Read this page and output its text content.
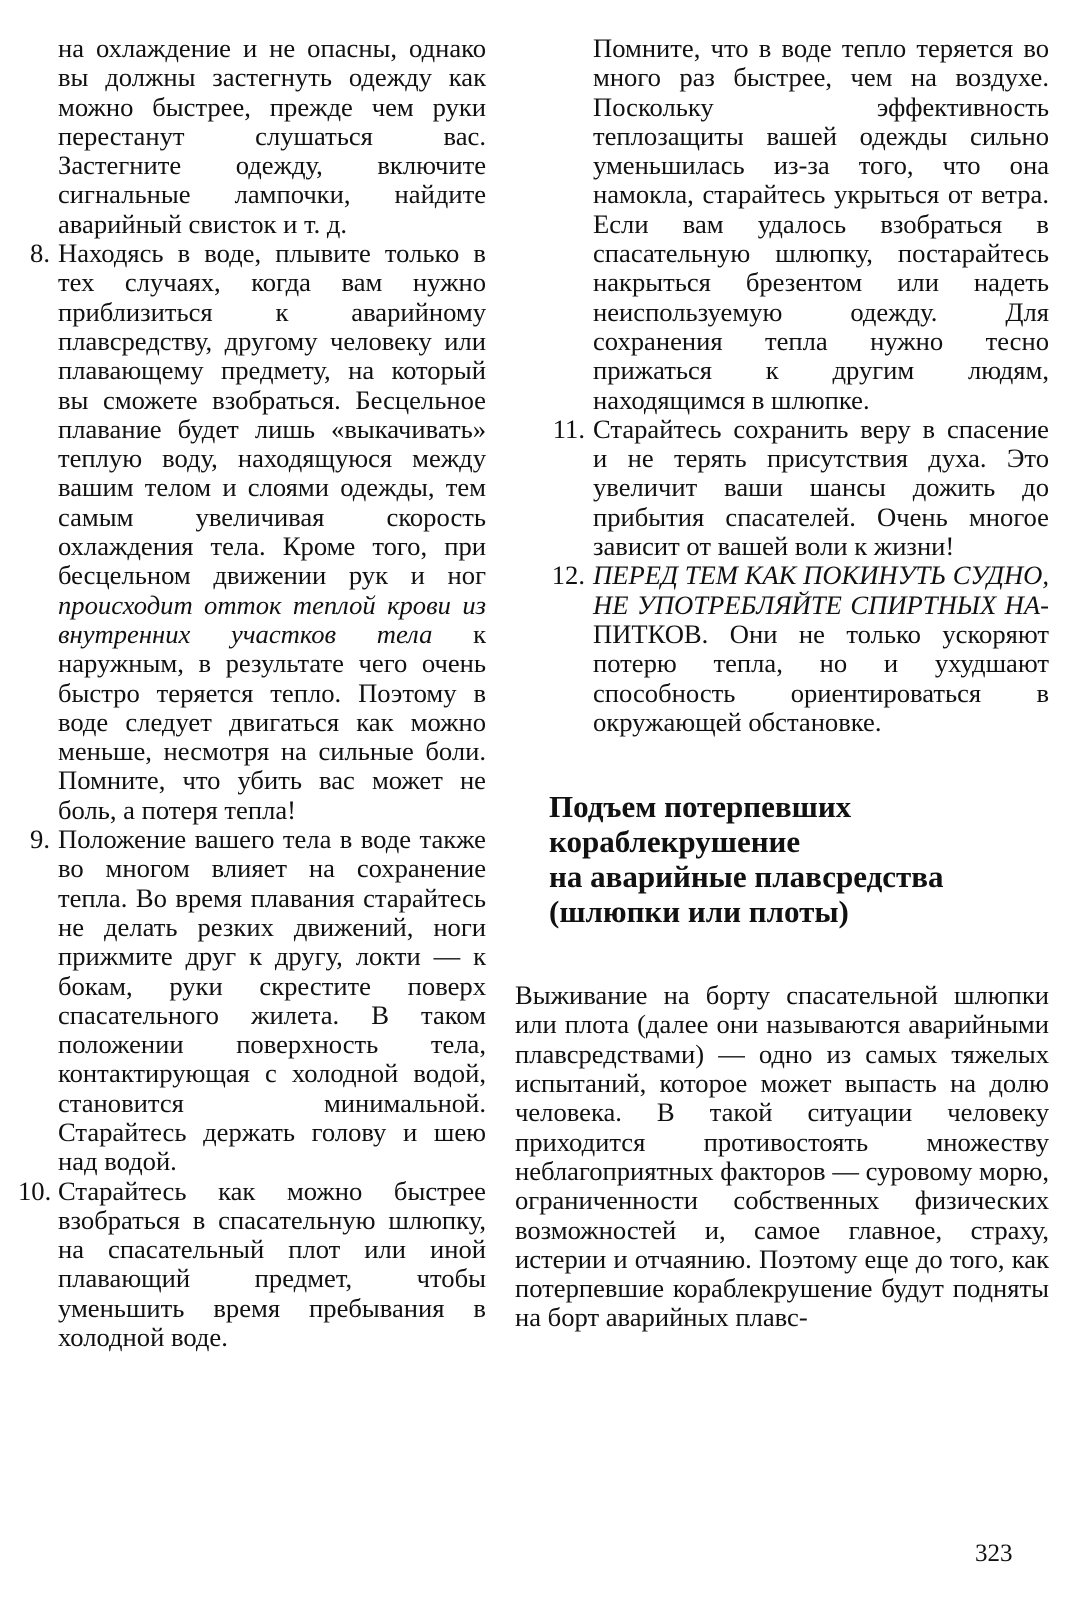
на охлаждение и не опасны, однако вы должны застегнуть одежду как можно быстрее, прежде чем руки перестанут слушаться вас. Застегните одежду, включите сигнальные лампочки, найдите аварийный свисток и т. д.

8. Находясь в воде, плывите только в тех случаях, когда вам нужно приблизиться к аварийному плавсредству, другому человеку или плавающему предмету, на который вы сможете взобраться. Бесцельное плавание будет лишь «выкачивать» теплую воду, находящуюся между вашим телом и слоями одежды, тем самым увеличивая скорость охлаждения тела. Кроме того, при бесцельном движении рук и ног происходит отток теплой крови из внутренних участков тела к наружным, в результате чего очень быстро теряется тепло. Поэтому в воде следует двигаться как можно меньше, несмотря на сильные боли. Помните, что убить вас может не боль, а потеря тепла!
9. Положение вашего тела в воде также во многом влияет на сохранение тепла. Во время плавания старайтесь не делать резких движений, ноги прижмите друг к другу, локти — к бокам, руки скрестите поверх спасательного жилета. В таком положении поверхность тела, контактирующая с холодной водой, становится минимальной. Старайтесь держать голову и шею над водой.
10. Старайтесь как можно быстрее взобраться в спасательную шлюпку, на спасательный плот или иной плавающий предмет, чтобы уменьшить время пребывания в холодной воде.

Помните, что в воде тепло теряется во много раз быстрее, чем на воздухе. Поскольку эффективность теплозащиты вашей одежды сильно уменьшилась из-за того, что она намокла, старайтесь укрыться от ветра. Если вам удалось взобраться в спасательную шлюпку, постарайтесь накрыться брезентом или надеть неиспользуемую одежду. Для сохранения тепла нужно тесно прижаться к другим людям, находящимся в шлюпке.

11. Старайтесь сохранить веру в спасение и не терять присутствия духа. Это увеличит ваши шансы дожить до прибытия спасателей. Очень многое зависит от вашей воли к жизни!
12. ПЕРЕД ТЕМ КАК ПОКИНУТЬ СУДНО, НЕ УПОТРЕБЛЯЙТЕ СПИРТНЫХ НА-ПИТКОВ. Они не только ускоряют потерю тепла, но и ухудшают способность ориентироваться в окружающей обстановке.
Подъем потерпевших
кораблекрушение
на аварийные плавсредства
(шлюпки или плоты)

Выживание на борту спасательной шлюпки или плота (далее они называются аварийными плавсредствами) — одно из самых тяжелых испытаний, которое может выпасть на долю человека. В такой ситуации человеку приходится противостоять множеству неблагоприятных факторов — суровому морю, ограниченности собственных физических возможностей и, самое главное, страху, истерии и отчаянию. Поэтому еще до того, как потерпевшие кораблекрушение будут подняты на борт аварийных плавс-

323
